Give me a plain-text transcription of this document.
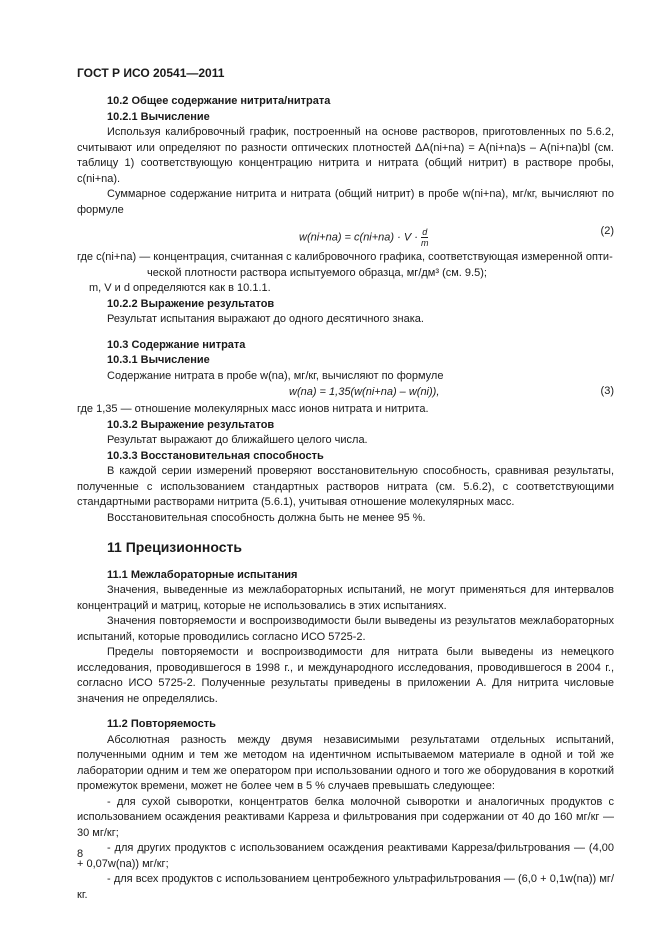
ГОСТ Р ИСО 20541—2011

10.2 Общее содержание нитрита/нитрата

10.2.1 Вычисление

Используя калибровочный график, построенный на основе растворов, приготовленных по 5.6.2, считывают или определяют по разности оптических плотностей ΔA(ni+na) = A(ni+na)s – A(ni+na)bl (см. таблицу 1) соответствующую концентрацию нитрита и нитрата (общий нитрит) в растворе пробы, c(ni+na).

Суммарное содержание нитрита и нитрата (общий нитрит) в пробе w(ni+na), мг/кг, вычисляют по формуле

$w(ni+na) = c(ni+na) \cdot V \cdot \frac{d}{m}$	(2)

где c(ni+na) — концентрация, считанная с калибровочного графика, соответствующая измеренной опти-

ческой плотности раствора испытуемого образца, мг/дм³ (см. 9.5);

m, V и d определяются как в 10.1.1.

10.2.2 Выражение результатов

Результат испытания выражают до одного десятичного знака.

10.3 Содержание нитрата

10.3.1 Вычисление

Содержание нитрата в пробе w(na), мг/кг, вычисляют по формуле

w(na) = 1,35(w(ni+na) – w(ni)),	(3)

где 1,35 — отношение молекулярных масс ионов нитрата и нитрита.

10.3.2 Выражение результатов

Результат выражают до ближайшего целого числа.

10.3.3 Восстановительная способность

В каждой серии измерений проверяют восстановительную способность, сравнивая результаты, полученные с использованием стандартных растворов нитрата (см. 5.6.2), с соответствующими стандартными растворами нитрита (5.6.1), учитывая отношение молекулярных масс.

Восстановительная способность должна быть не менее 95 %.

11 Прецизионность

11.1 Межлабораторные испытания

Значения, выведенные из межлабораторных испытаний, не могут применяться для интервалов концентраций и матриц, которые не использовались в этих испытаниях.

Значения повторяемости и воспроизводимости были выведены из результатов межлабораторных испытаний, которые проводились согласно ИСО 5725-2.

Пределы повторяемости и воспроизводимости для нитрата были выведены из немецкого исследования, проводившегося в 1998 г., и международного исследования, проводившегося в 2004 г., согласно ИСО 5725-2. Полученные результаты приведены в приложении А. Для нитрита числовые значения не определялись.

11.2 Повторяемость

Абсолютная разность между двумя независимыми результатами отдельных испытаний, полученными одним и тем же методом на идентичном испытываемом материале в одной и той же лаборатории одним и тем же оператором при использовании одного и того же оборудования в короткий промежуток времени, может не более чем в 5 % случаев превышать следующее:

- для сухой сыворотки, концентратов белка молочной сыворотки и аналогичных продуктов с использованием осаждения реактивами Карреза и фильтрования при содержании от 40 до 160 мг/кг — 30 мг/кг;

- для других продуктов с использованием осаждения реактивами Карреза/фильтрования — (4,00 + 0,07w(na)) мг/кг;

- для всех продуктов с использованием центробежного ультрафильтрования — (6,0 + 0,1w(na)) мг/кг.

8
